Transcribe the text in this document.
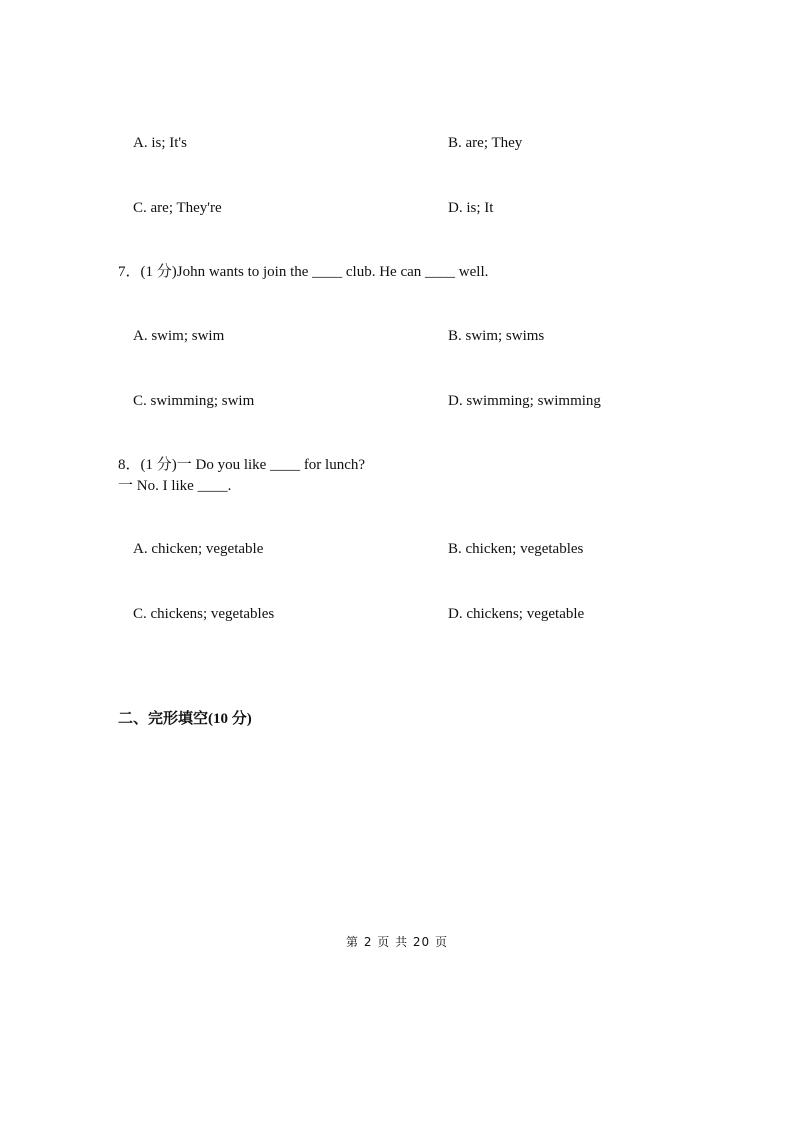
A. is; It's	B. are; They
C. are; They're	D. is; It
7．(1 分)John wants to join the ____ club. He can ____ well.
A. swim; swim	B. swim; swims
C. swimming; swim	D. swimming; swimming
8．(1 分)一 Do you like ____ for lunch?
一 No. I like ____.
A. chicken; vegetable	B. chicken; vegetables
C. chickens; vegetables	D. chickens; vegetable
二、完形填空(10 分)
第 2 页 共 20 页
